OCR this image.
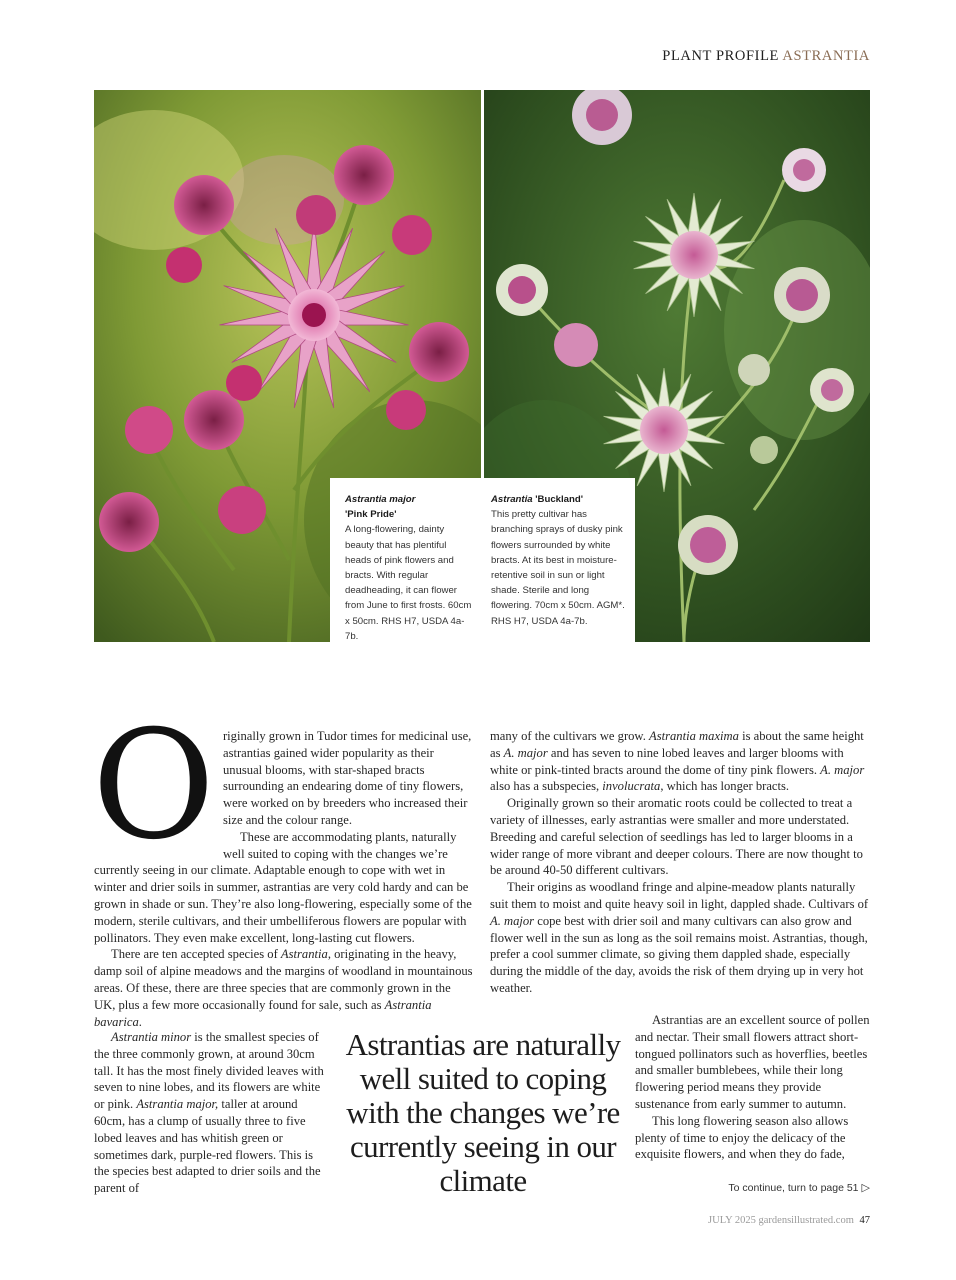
PLANT PROFILE ASTRANTIA
Astrantia major
'Pink Pride'
A long-flowering, dainty beauty that has plentiful heads of pink flowers and bracts. With regular deadheading, it can flower from June to first frosts. 60cm x 50cm. RHS H7, USDA 4a-7b.
Astrantia 'Buckland'
This pretty cultivar has branching sprays of dusky pink flowers surrounded by white bracts. At its best in moisture-retentive soil in sun or light shade. Sterile and long flowering. 70cm x 50cm. AGM*. RHS H7, USDA 4a-7b.
O riginally grown in Tudor times for medicinal use, astrantias gained wider popularity as their unusual blooms, with star-shaped bracts surrounding an endearing dome of tiny flowers, were worked on by breeders who increased their size and the colour range.

These are accommodating plants, naturally well suited to coping with the changes we’re currently seeing in our climate. Adaptable enough to cope with wet in winter and drier soils in summer, astrantias are very cold hardy and can be grown in shade or sun. They’re also long-flowering, especially some of the modern, sterile cultivars, and their umbelliferous flowers are popular with pollinators. They even make excellent, long-lasting cut flowers.

There are ten accepted species of Astrantia, originating in the heavy, damp soil of alpine meadows and the margins of woodland in mountainous areas. Of these, there are three species that are commonly grown in the UK, plus a few more occasionally found for sale, such as Astrantia bavarica.

Astrantia minor is the smallest species of the three commonly grown, at around 30cm tall. It has the most finely divided leaves with seven to nine lobes, and its flowers are white or pink. Astrantia major, taller at around 60cm, has a clump of usually three to five lobed leaves and has whitish green or sometimes dark, purple-red flowers. This is the species best adapted to drier soils and the parent of

many of the cultivars we grow. Astrantia maxima is about the same height as A. major and has seven to nine lobed leaves and larger blooms with white or pink-tinted bracts around the dome of tiny pink flowers. A. major also has a subspecies, involucrata, which has longer bracts.

Originally grown so their aromatic roots could be collected to treat a variety of illnesses, early astrantias were smaller and more understated. Breeding and careful selection of seedlings has led to larger blooms in a wider range of more vibrant and deeper colours. There are now thought to be around 40-50 different cultivars.

Their origins as woodland fringe and alpine-meadow plants naturally suit them to moist and quite heavy soil in light, dappled shade. Cultivars of A. major cope best with drier soil and many cultivars can also grow and flower well in the sun as long as the soil remains moist. Astrantias, though, prefer a cool summer climate, so giving them dappled shade, especially during the middle of the day, avoids the risk of them drying up in very hot weather.

Astrantias are an excellent source of pollen and nectar. Their small flowers attract short-tongued pollinators such as hoverflies, beetles and smaller bumblebees, while their long flowering period means they provide sustenance from early summer to autumn.

This long flowering season also allows plenty of time to enjoy the delicacy of the exquisite flowers, and when they do fade,

Astrantias are naturally well suited to coping with the changes we’re currently seeing in our climate	To continue, turn to page 51 ▷
JULY 2025 gardensillustrated.com 47
